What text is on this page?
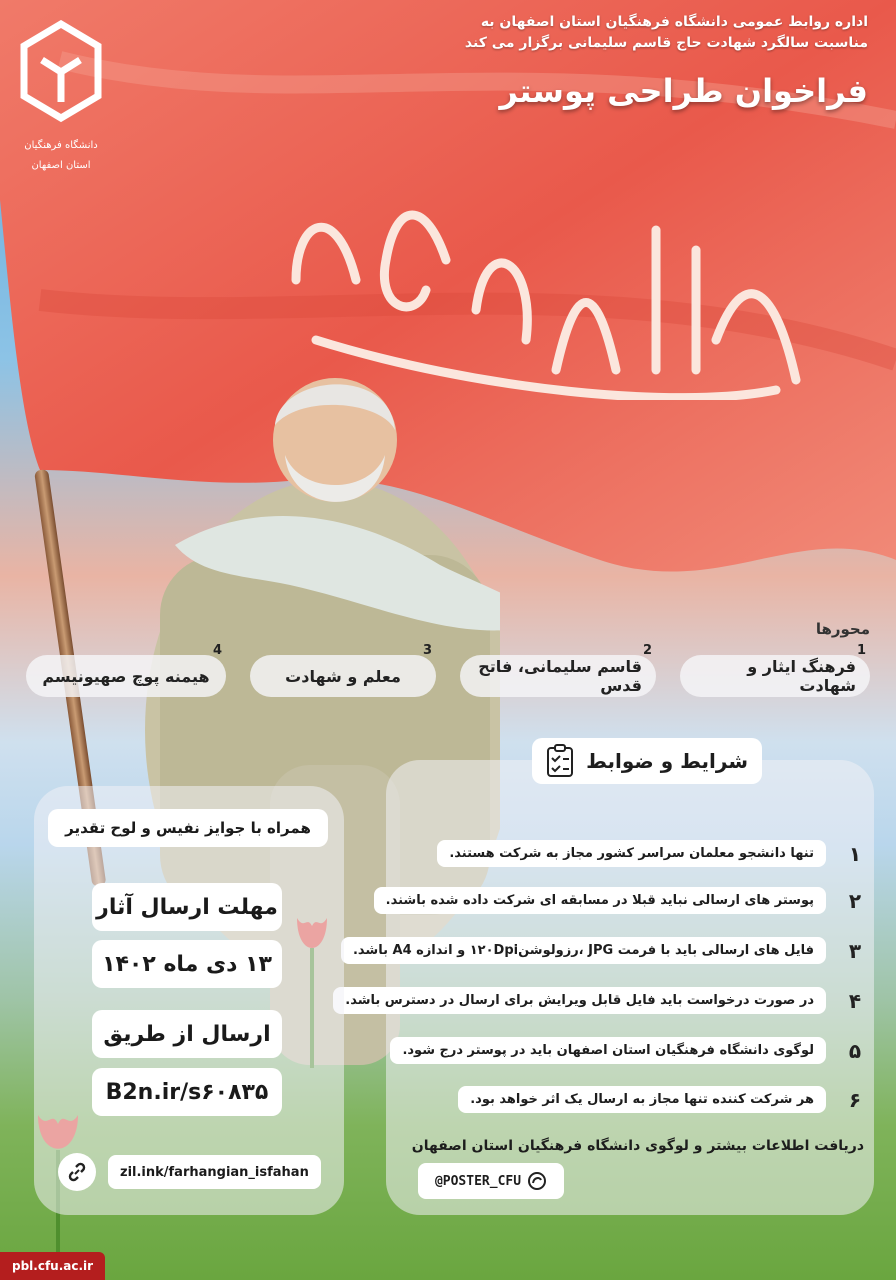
دانشگاه فرهنگیان
استان اصفهان
اداره روابط عمومی دانشگاه فرهنگیان استان اصفهان به
مناسبت سالگرد شهادت حاج قاسم سلیمانی برگزار می کند
فراخوان طراحی پوستر
محورها
1
فرهنگ ایثار و شهادت
2
قاسم سلیمانی، فاتح قدس
3
معلم و شهادت
4
هیمنه پوچ صهیونیسم
شرایط و ضوابط
۱
تنها دانشجو معلمان سراسر کشور مجاز به شرکت هستند.
۲
پوستر های ارسالی نباید قبلا در مسابقه ای شرکت داده شده باشند.
۳
فایل های ارسالی باید با فرمت JPG ،رزولوشن۱۲۰Dpi و اندازه A4 باشد.
۴
در صورت درخواست باید فایل قابل ویرایش برای ارسال در دسترس باشد.
۵
لوگوی دانشگاه فرهنگیان استان اصفهان باید در پوستر درج شود.
۶
هر شرکت کننده تنها مجاز به ارسال یک اثر خواهد بود.
دریافت اطلاعات بیشتر و لوگوی دانشگاه فرهنگیان استان اصفهان
@POSTER_CFU
همراه با جوایز نفیس و لوح تقدیر
مهلت ارسال آثار
۱۳ دی ماه ۱۴۰۲
ارسال از طریق
B2n.ir/s۶۰۸۳۵
zil.ink/farhangian_isfahan
pbl.cfu.ac.ir
